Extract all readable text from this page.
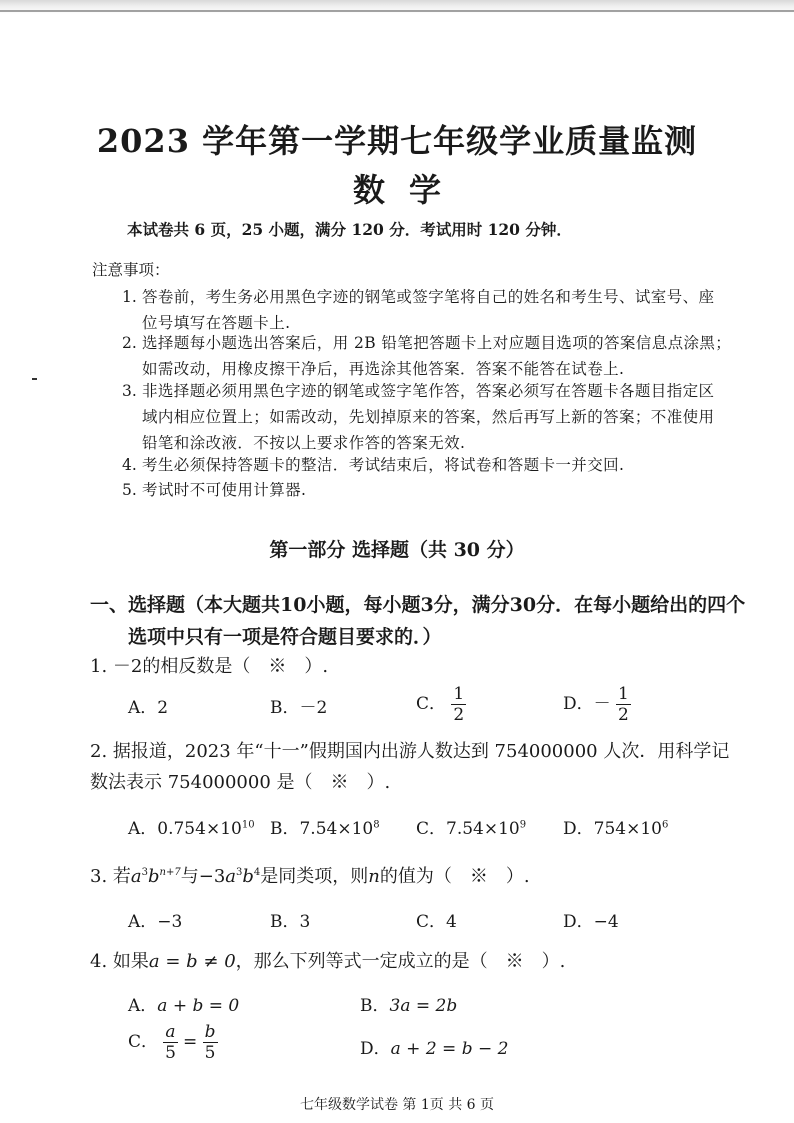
2023 学年第一学期七年级学业质量监测
数学
本试卷共 6 页，25 小题，满分 120 分．考试用时 120 分钟．
注意事项：
1. 答卷前，考生务必用黑色字迹的钢笔或签字笔将自己的姓名和考生号、试室号、座
位号填写在答题卡上.
2. 选择题每小题选出答案后，用 2B 铅笔把答题卡上对应题目选项的答案信息点涂黑；
如需改动，用橡皮擦干净后，再选涂其他答案．答案不能答在试卷上.
3. 非选择题必须用黑色字迹的钢笔或签字笔作答，答案必须写在答题卡各题目指定区
域内相应位置上；如需改动，先划掉原来的答案，然后再写上新的答案；不准使用
铅笔和涂改液．不按以上要求作答的答案无效.
4. 考生必须保持答题卡的整洁．考试结束后，将试卷和答题卡一并交回.
5. 考试时不可使用计算器.
第一部分 选择题（共 30 分）
一、选择题（本大题共10小题，每小题3分，满分30分．在每小题给出的四个
选项中只有一项是符合题目要求的．）
1. －2的相反数是（　※　）.
A．2	B．－2	C． $\frac{1}{2}$	D．－ $\frac{1}{2}$
2. 据报道，2023 年“十一”假期国内出游人数达到 754000000 人次．用科学记
数法表示 754000000 是（　※　）.
A．$0.754\times 10^{10}$ B．$7.54\times 10^8$ C．$7.54\times 10^9$ D．$754\times 10^6$
3. 若$a^3b^{n+7}$与$-3a^3b^4$是同类项，则n的值为（　※　）.
A．−3	B．3	C．4	D．−4
4. 如果a = b ≠ 0，那么下列等式一定成立的是（　※　）.
A．a + b = 0	B．3a = 2b
C． $\frac{a}{5} = \frac{b}{5}$	D．a + 2 = b − 2
七年级数学试卷 第 1页 共 6 页
